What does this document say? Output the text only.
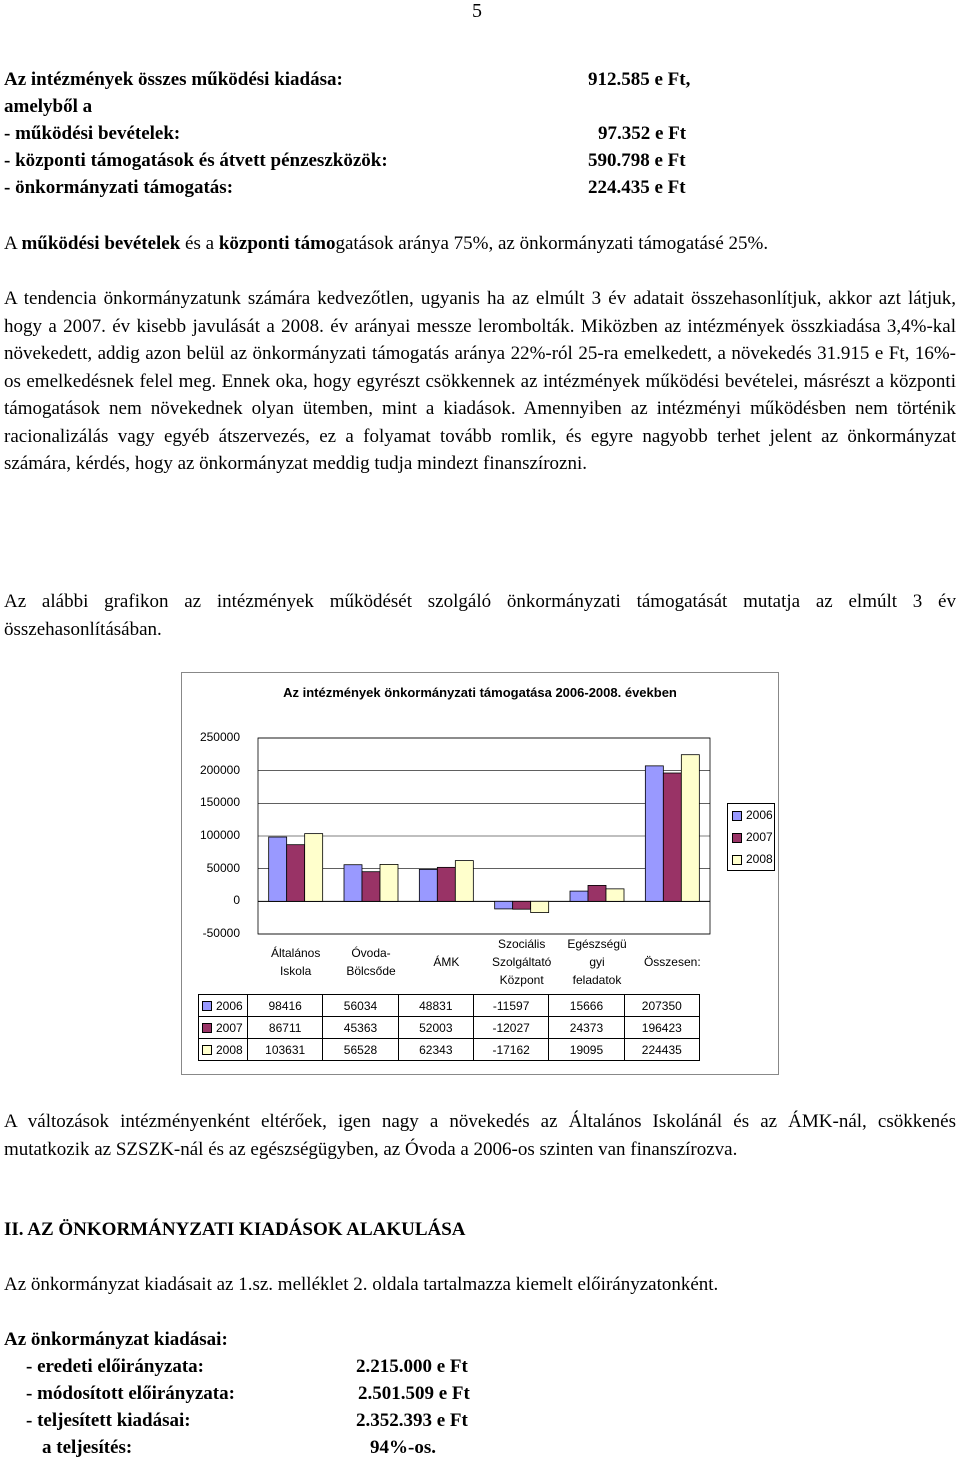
5
Az intézmények összes működési kiadása:	912.585 e Ft,
amelyből a
- működési bevételek:	97.352 e Ft
- központi támogatások és átvett pénzeszközök:	590.798 e Ft
- önkormányzati támogatás:	224.435 e Ft
A működési bevételek és a központi támogatások aránya 75%, az önkormányzati támogatásé 25%.
A tendencia önkormányzatunk számára kedvezőtlen, ugyanis ha az elmúlt 3 év adatait összehasonlítjuk, akkor azt látjuk, hogy a 2007. év kisebb javulását a 2008. év arányai messze lerombolták. Miközben az intézmények összkiadása 3,4%-kal növekedett, addig azon belül az önkormányzati támogatás aránya 22%-ról 25-ra emelkedett, a növekedés 31.915 e Ft, 16%-os emelkedésnek felel meg. Ennek oka, hogy egyrészt csökkennek az intézmények működési bevételei, másrészt a központi támogatások nem növekednek olyan ütemben, mint a kiadások. Amennyiben az intézményi működésben nem történik racionalizálás vagy egyéb átszervezés, ez a folyamat tovább romlik, és egyre nagyobb terhet jelent az önkormányzat számára, kérdés, hogy az önkormányzat meddig tudja mindezt finanszírozni.
Az alábbi grafikon az intézmények működését szolgáló önkormányzati támogatását mutatja az elmúlt 3 év összehasonlításában.
Az intézmények önkormányzati támogatása 2006-2008. években
250000
200000
150000
100000
50000
0
-50000
Általános
Iskola
Óvoda-
Bölcsőde
ÁMK
Szociális
Szolgáltató
Központ
Egészségü
gyi
feladatok
Összesen:
2006
2007
2008
2006	98416	56034	48831	-11597	15666	207350
2007	86711	45363	52003	-12027	24373	196423
2008	103631	56528	62343	-17162	19095	224435
A változások intézményenként eltérőek, igen nagy a növekedés az Általános Iskolánál és az ÁMK-nál, csökkenés mutatkozik az SZSZK-nál és az egészségügyben, az Óvoda a 2006-os szinten van finanszírozva.
II. AZ ÖNKORMÁNYZATI KIADÁSOK ALAKULÁSA
Az önkormányzat kiadásait az 1.sz. melléklet 2. oldala tartalmazza kiemelt előirányzatonként.
Az önkormányzat kiadásai:
- eredeti előirányzata:	2.215.000 e Ft
- módosított előirányzata:	2.501.509 e Ft
- teljesített kiadásai:	2.352.393 e Ft
a teljesítés:	94%-os.
